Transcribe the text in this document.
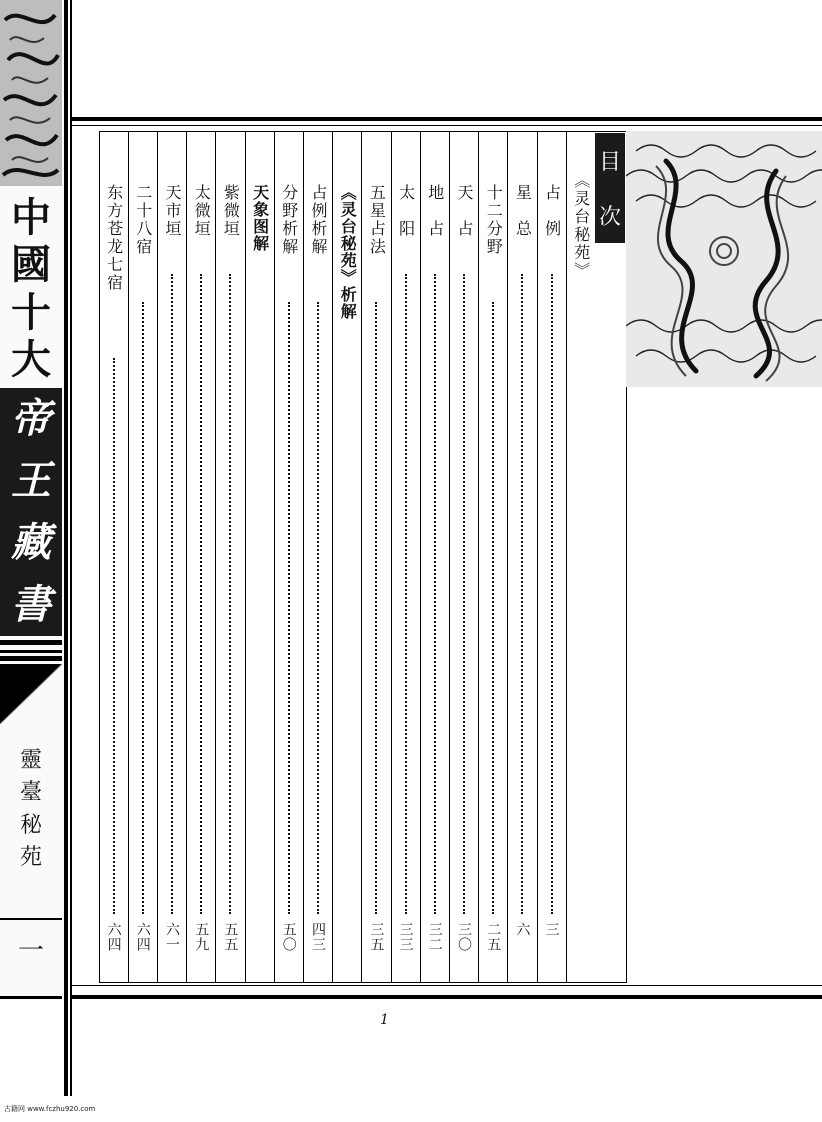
中
國
十
大
帝
王
藏
書
靈
臺
秘
苑
一
目
次
《灵台秘苑》
占　例
三
星　总
六
十二分野
二五
天　占
三〇
地　占
三二
太　阳
三三
五星占法
三五
《灵台秘苑》析解
占例析解
四三
分野析解
五〇
天象图解
紫微垣
五五
太微垣
五九
天市垣
六一
二十八宿
六四
东方苍龙七宿
六四
1
古籍网 www.fczhu920.com
